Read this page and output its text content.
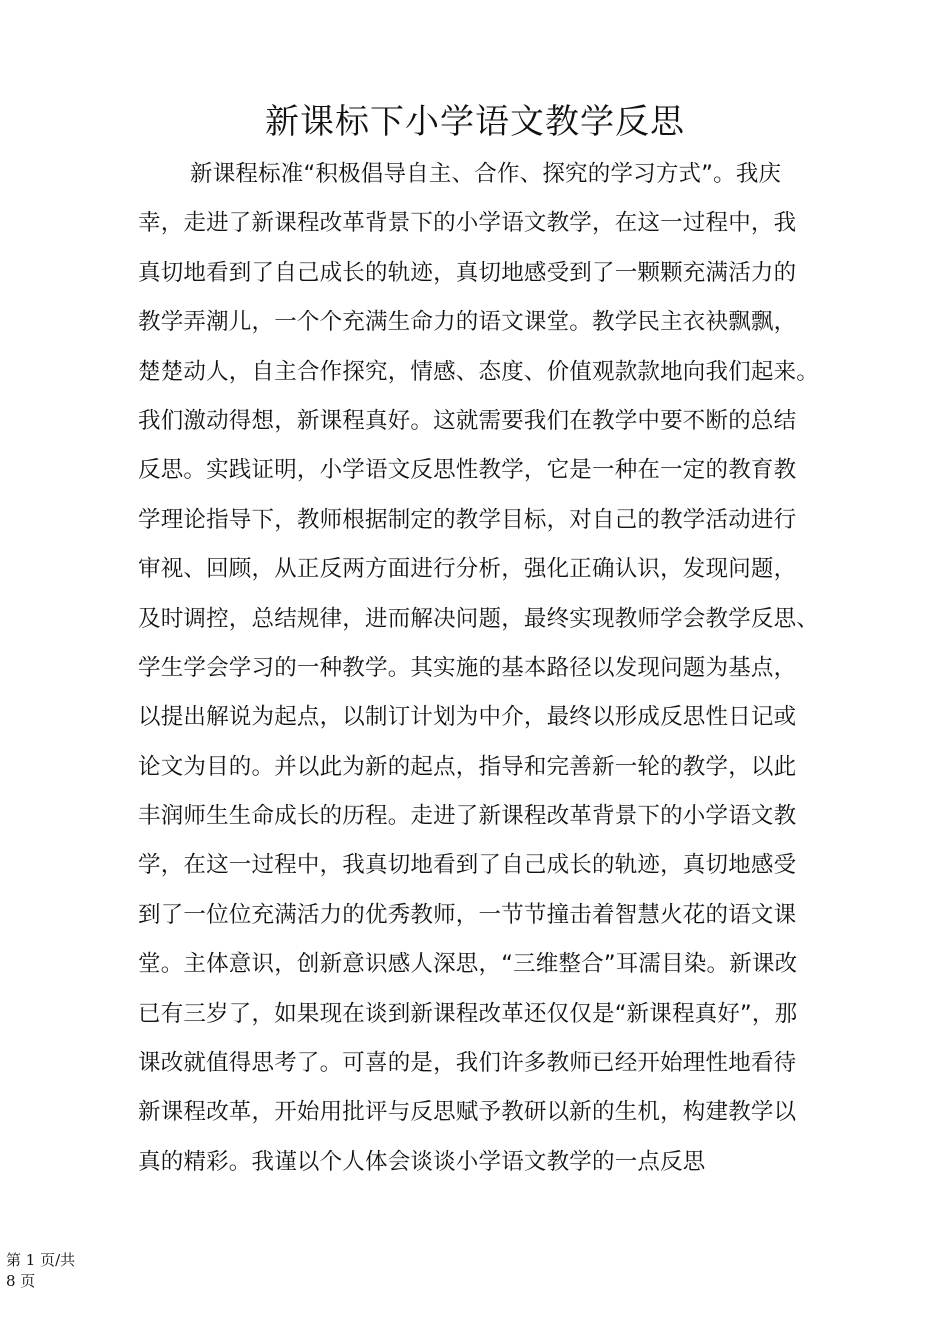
新课标下小学语文教学反思
新课程标准“积极倡导自主、合作、探究的学习方式”。我庆
幸，走进了新课程改革背景下的小学语文教学，在这一过程中，我
真切地看到了自己成长的轨迹，真切地感受到了一颗颗充满活力的
教学弄潮儿，一个个充满生命力的语文课堂。教学民主衣袂飘飘，
楚楚动人，自主合作探究，情感、态度、价值观款款地向我们起来。
我们激动得想，新课程真好。这就需要我们在教学中要不断的总结
反思。实践证明，小学语文反思性教学，它是一种在一定的教育教
学理论指导下，教师根据制定的教学目标，对自己的教学活动进行
审视、回顾，从正反两方面进行分析，强化正确认识，发现问题，
及时调控，总结规律，进而解决问题，最终实现教师学会教学反思、
学生学会学习的一种教学。其实施的基本路径以发现问题为基点，
以提出解说为起点，以制订计划为中介，最终以形成反思性日记或
论文为目的。并以此为新的起点，指导和完善新一轮的教学，以此
丰润师生生命成长的历程。走进了新课程改革背景下的小学语文教
学，在这一过程中，我真切地看到了自己成长的轨迹，真切地感受
到了一位位充满活力的优秀教师，一节节撞击着智慧火花的语文课
堂。主体意识，创新意识感人深思，“三维整合”耳濡目染。新课改
已有三岁了，如果现在谈到新课程改革还仅仅是“新课程真好”，那
课改就值得思考了。可喜的是，我们许多教师已经开始理性地看待
新课程改革，开始用批评与反思赋予教研以新的生机，构建教学以
真的精彩。我谨以个人体会谈谈小学语文教学的一点反思
第 1 页/共
8 页
